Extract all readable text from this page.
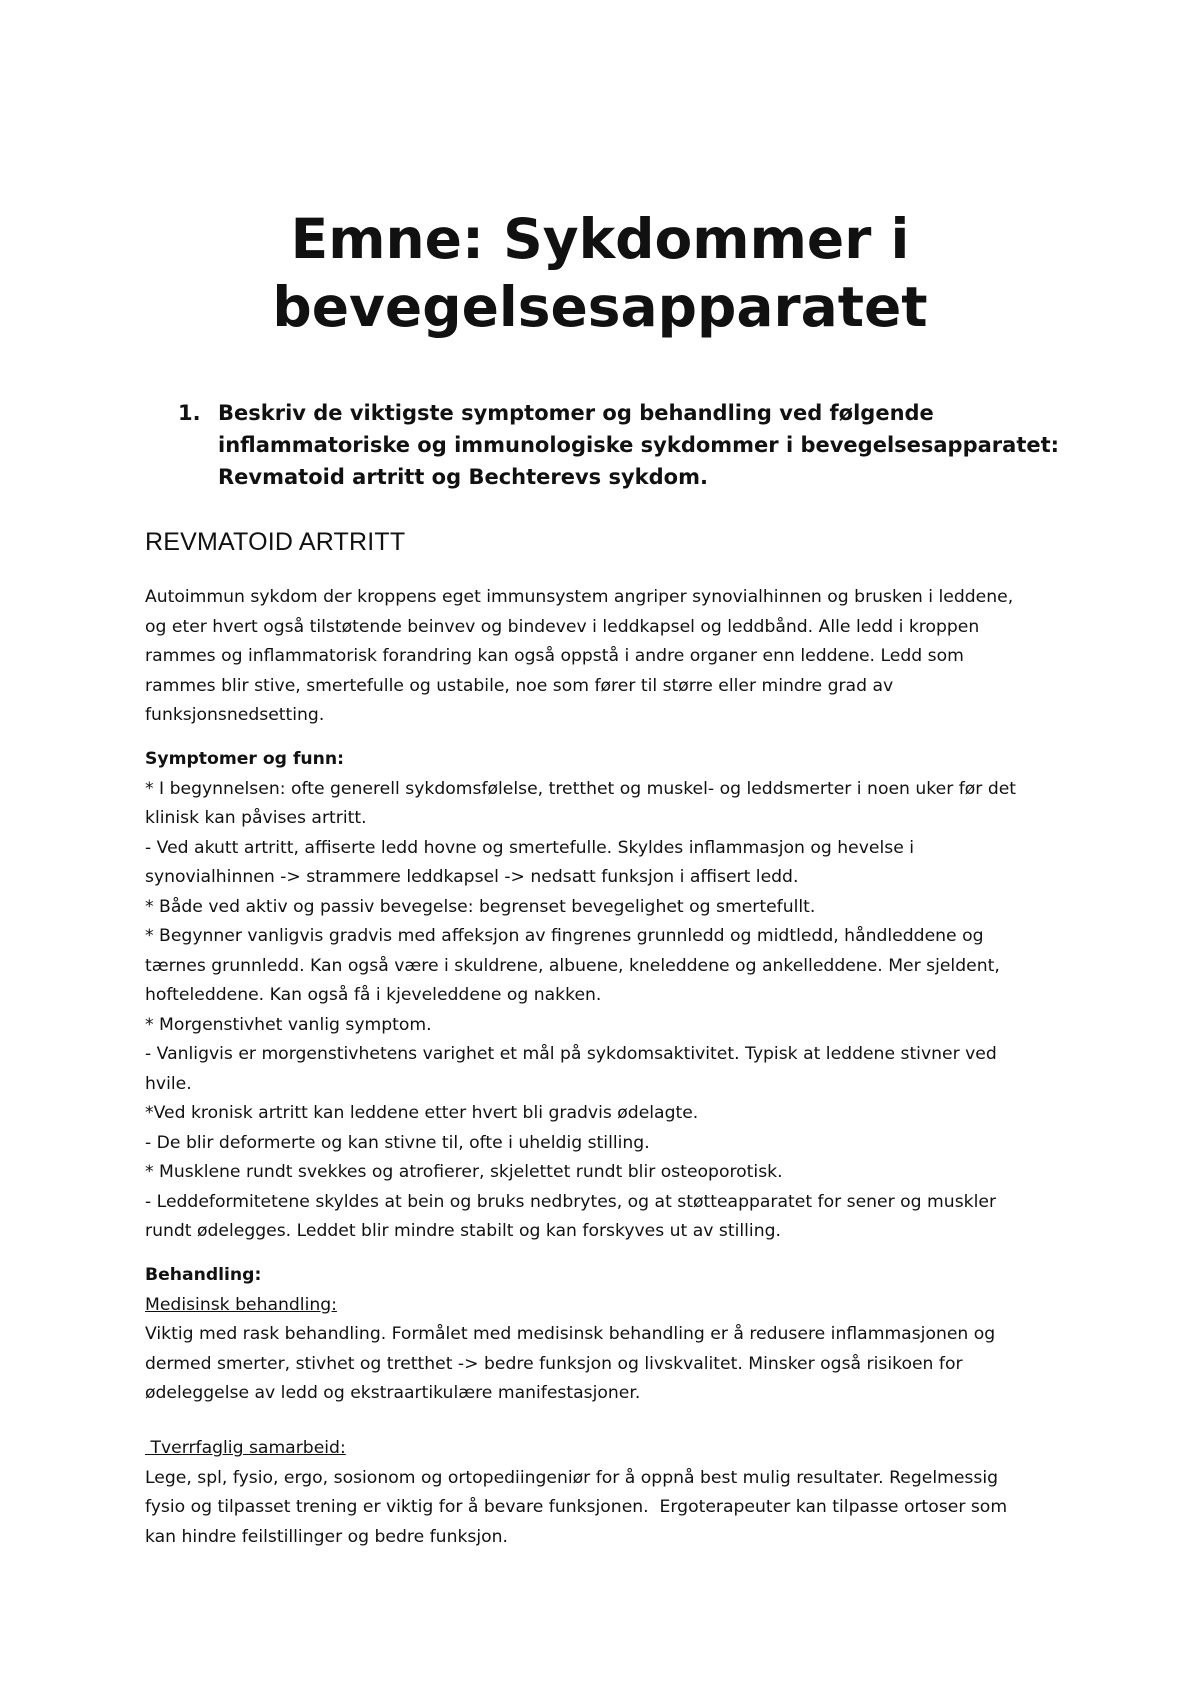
Emne: Sykdommer i
bevegelsesapparatet
1. Beskriv de viktigste symptomer og behandling ved følgende
inflammatoriske og immunologiske sykdommer i bevegelsesapparatet:
Revmatoid artritt og Bechterevs sykdom.
REVMATOID ARTRITT
Autoimmun sykdom der kroppens eget immunsystem angriper synovialhinnen og brusken i leddene,
og eter hvert også tilstøtende beinvev og bindevev i leddkapsel og leddbånd. Alle ledd i kroppen
rammes og inflammatorisk forandring kan også oppstå i andre organer enn leddene. Ledd som
rammes blir stive, smertefulle og ustabile, noe som fører til større eller mindre grad av
funksjonsnedsetting.
Symptomer og funn:
* I begynnelsen: ofte generell sykdomsfølelse, tretthet og muskel- og leddsmerter i noen uker før det
klinisk kan påvises artritt.
- Ved akutt artritt, affiserte ledd hovne og smertefulle. Skyldes inflammasjon og hevelse i
synovialhinnen -> strammere leddkapsel -> nedsatt funksjon i affisert ledd.
* Både ved aktiv og passiv bevegelse: begrenset bevegelighet og smertefullt.
* Begynner vanligvis gradvis med affeksjon av fingrenes grunnledd og midtledd, håndleddene og
tærnes grunnledd. Kan også være i skuldrene, albuene, kneleddene og ankelleddene. Mer sjeldent,
hofteleddene. Kan også få i kjeveleddene og nakken.
* Morgenstivhet vanlig symptom.
- Vanligvis er morgenstivhetens varighet et mål på sykdomsaktivitet. Typisk at leddene stivner ved
hvile.
*Ved kronisk artritt kan leddene etter hvert bli gradvis ødelagte.
- De blir deformerte og kan stivne til, ofte i uheldig stilling.
* Musklene rundt svekkes og atrofierer, skjelettet rundt blir osteoporotisk.
- Leddeformitetene skyldes at bein og bruks nedbrytes, og at støtteapparatet for sener og muskler
rundt ødelegges. Leddet blir mindre stabilt og kan forskyves ut av stilling.
Behandling:
Medisinsk behandling:
Viktig med rask behandling. Formålet med medisinsk behandling er å redusere inflammasjonen og
dermed smerter, stivhet og tretthet -> bedre funksjon og livskvalitet. Minsker også risikoen for
ødeleggelse av ledd og ekstraartikulære manifestasjoner.
Tverrfaglig samarbeid:
Lege, spl, fysio, ergo, sosionom og ortopediingeniør for å oppnå best mulig resultater. Regelmessig
fysio og tilpasset trening er viktig for å bevare funksjonen.  Ergoterapeuter kan tilpasse ortoser som
kan hindre feilstillinger og bedre funksjon.
